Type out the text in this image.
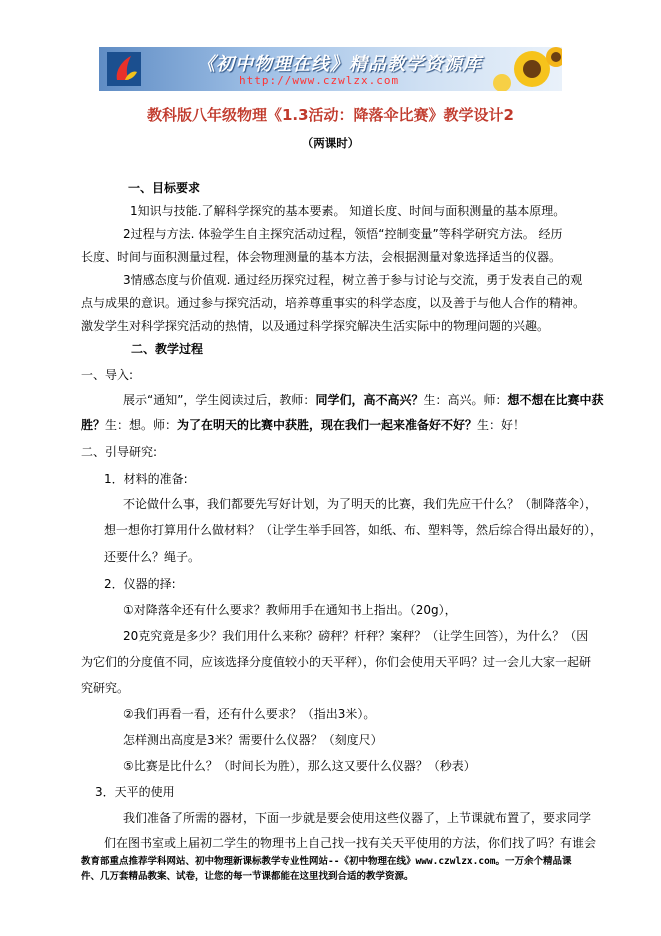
《初中物理在线》精品教学资源库
http://www.czwlzx.com
教科版八年级物理《1.3活动：降落伞比赛》教学设计2
（两课时）
一、目标要求
1知识与技能.了解科学探究的基本要素。 知道长度、时间与面积测量的基本原理。
2过程与方法. 体验学生自主探究活动过程，领悟“控制变量”等科学研究方法。 经历
长度、时间与面积测量过程，体会物理测量的基本方法，会根据测量对象选择适当的仪器。
3情感态度与价值观. 通过经历探究过程，树立善于参与讨论与交流，勇于发表自己的观
点与成果的意识。通过参与探究活动，培养尊重事实的科学态度，以及善于与他人合作的精神。
激发学生对科学探究活动的热情，以及通过科学探究解决生活实际中的物理问题的兴趣。
二、教学过程
一、导入:
展示“通知”，学生阅读过后，教师：同学们，高不高兴？生：高兴。师：想不想在比赛中获
胜？生：想。师：为了在明天的比赛中获胜，现在我们一起来准备好不好？生：好！
二、引导研究:
1．材料的准备:
不论做什么事，我们都要先写好计划，为了明天的比赛，我们先应干什么？（制降落伞），
想一想你打算用什么做材料？（让学生举手回答，如纸、布、塑料等，然后综合得出最好的），
还要什么？绳子。
2．仪器的择:
①对降落伞还有什么要求？教师用手在通知书上指出。（20g），
20克究竟是多少？我们用什么来称？磅秤？杆秤？案秤？（让学生回答），为什么？（因
为它们的分度值不同，应该选择分度值较小的天平秤），你们会使用天平吗？过一会儿大家一起研
究研究。
②我们再看一看，还有什么要求？（指出3米）。
怎样测出高度是3米？需要什么仪器？（刻度尺）
⑤比赛是比什么？（时间长为胜），那么这又要什么仪器？（秒表）
3．天平的使用
我们准备了所需的器材，下面一步就是要会使用这些仪器了，上节课就布置了，要求同学
们在图书室或上届初二学生的物理书上自己找一找有关天平使用的方法，你们找了吗？有谁会
教育部重点推荐学科网站、初中物理新课标教学专业性网站--《初中物理在线》www.czwlzx.com。一万余个精品课
件、几万套精品教案、试卷，让您的每一节课都能在这里找到合适的教学资源。
